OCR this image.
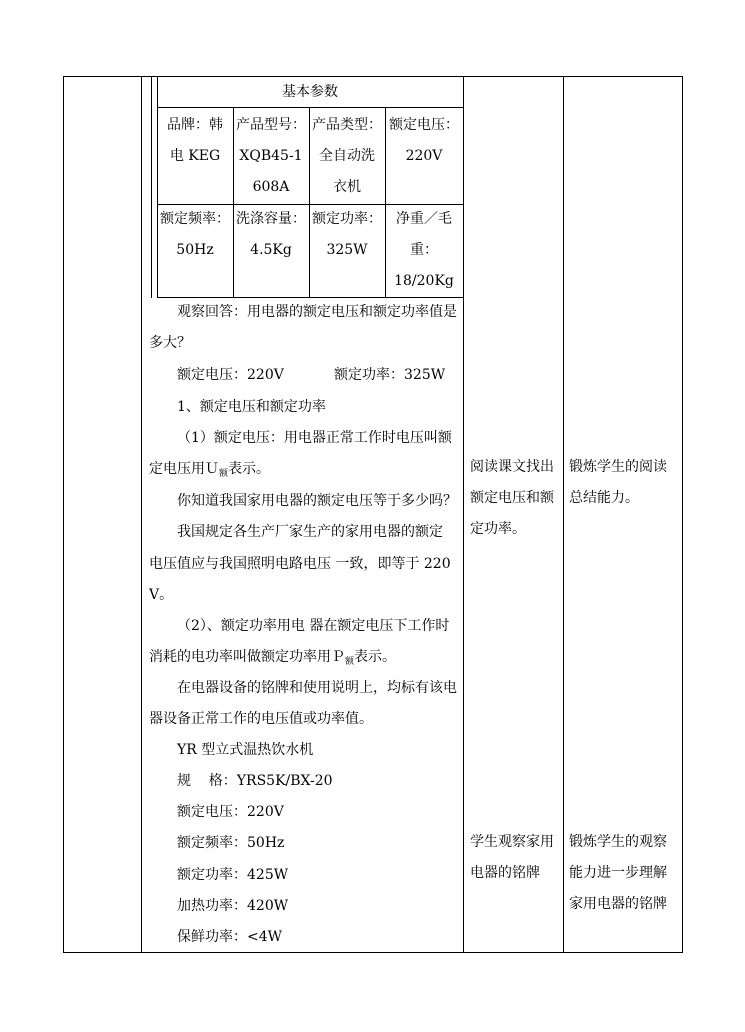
基本参数
品牌：韩
电 KEG
产品型号：
XQB45-1
608A
产品类型：
全自动洗
衣机
额定电压：
220V
额定频率：
50Hz
洗涤容量：
4.5Kg
额定功率：
325W
净重／毛
重：
18/20Kg
观察回答：用电器的额定电压和额定功率值是
多大？
额定电压：220V	额定功率：325W
1、额定电压和额定功率
（1）额定电压：用电器正常工作时电压叫额
定电压用Ｕ$_额$表示。
你知道我国家用电器的额定电压等于多少吗？
我国规定各生产厂家生产的家用电器的额定
电压值应与我国照明电路电压 一致，即等于 220
V。
（2）、额定功率用电 器在额定电压下工作时
消耗的电功率叫做额定功率用Ｐ$_额$表示。
在电器设备的铭牌和使用说明上，均标有该电
器设备正常工作的电压值或功率值。
YR 型立式温热饮水机
规    格：YRS5K/BX-20
额定电压：220V
额定频率：50Hz
额定功率：425W
加热功率：420W
保鲜功率：<4W
阅读课文找出
额定电压和额
定功率。
学生观察家用
电器的铭牌
锻炼学生的阅读
总结能力。
锻炼学生的观察
能力进一步理解
家用电器的铭牌
